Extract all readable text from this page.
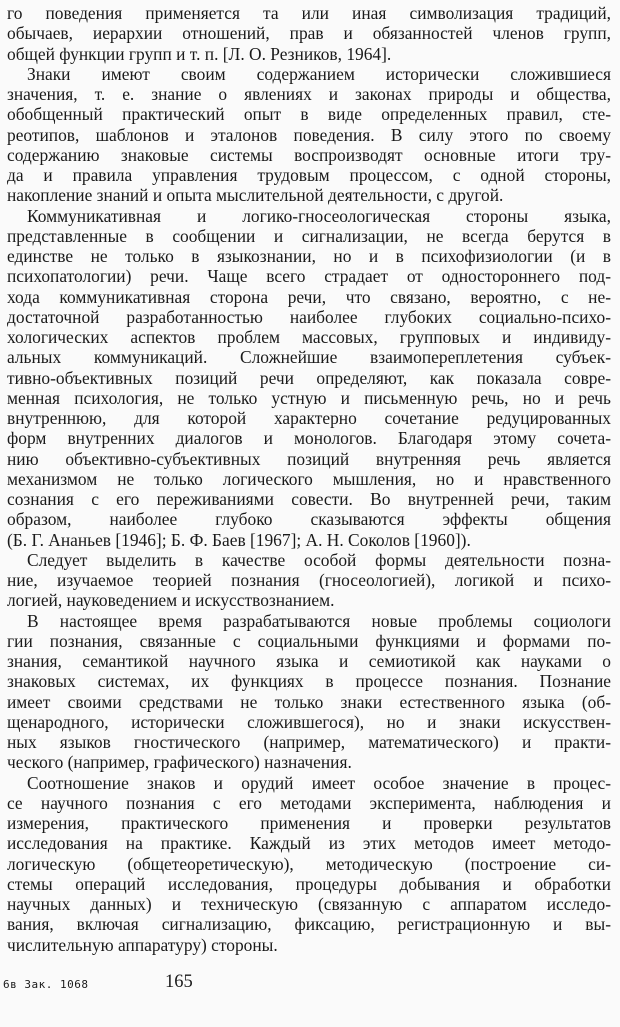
го поведения применяется та или иная символизация традиций,
обычаев, иерархии отношений, прав и обязанностей членов групп,
общей функции групп и т. п. [Л. О. Резников, 1964].
Знаки имеют своим содержанием исторически сложившиеся
значения, т. е. знание о явлениях и законах природы и общества,
обобщенный практический опыт в виде определенных правил, сте-
реотипов, шаблонов и эталонов поведения. В силу этого по своему
содержанию знаковые системы воспроизводят основные итоги тру-
да и правила управления трудовым процессом, с одной стороны,
накопление знаний и опыта мыслительной деятельности, с другой.
Коммуникативная и логико-гносеологическая стороны языка,
представленные в сообщении и сигнализации, не всегда берутся в
единстве не только в языкознании, но и в психофизиологии (и в
психопатологии) речи. Чаще всего страдает от одностороннего под-
хода коммуникативная сторона речи, что связано, вероятно, с не-
достаточной разработанностью наиболее глубоких социально-психо-
хологических аспектов проблем массовых, групповых и индивиду-
альных коммуникаций. Сложнейшие взаимопереплетения субъек-
тивно-объективных позиций речи определяют, как показала совре-
менная психология, не только устную и письменную речь, но и речь
внутреннюю, для которой характерно сочетание редуцированных
форм внутренних диалогов и монологов. Благодаря этому сочета-
нию объективно-субъективных позиций внутренняя речь является
механизмом не только логического мышления, но и нравственного
сознания с его переживаниями совести. Во внутренней речи, таким
образом, наиболее глубоко сказываются эффекты общения
(Б. Г. Ананьев [1946]; Б. Ф. Баев [1967]; А. Н. Соколов [1960]).
Следует выделить в качестве особой формы деятельности позна-
ние, изучаемое теорией познания (гносеологией), логикой и психо-
логией, науковедением и искусствознанием.
В настоящее время разрабатываются новые проблемы социологи
гии познания, связанные с социальными функциями и формами по-
знания, семантикой научного языка и семиотикой как науками о
знаковых системах, их функциях в процессе познания. Познание
имеет своими средствами не только знаки естественного языка (об-
щенародного, исторически сложившегося), но и знаки искусствен-
ных языков гностического (например, математического) и практи-
ческого (например, графического) назначения.
Соотношение знаков и орудий имеет особое значение в процес-
се научного познания с его методами эксперимента, наблюдения и
измерения, практического применения и проверки результатов
исследования на практике. Каждый из этих методов имеет методо-
логическую (общетеоретическую), методическую (построение си-
стемы операций исследования, процедуры добывания и обработки
научных данных) и техническую (связанную с аппаратом исследо-
вания, включая сигнализацию, фиксацию, регистрационную и вы-
числительную аппаратуру) стороны.
6в Зак. 1068	165
